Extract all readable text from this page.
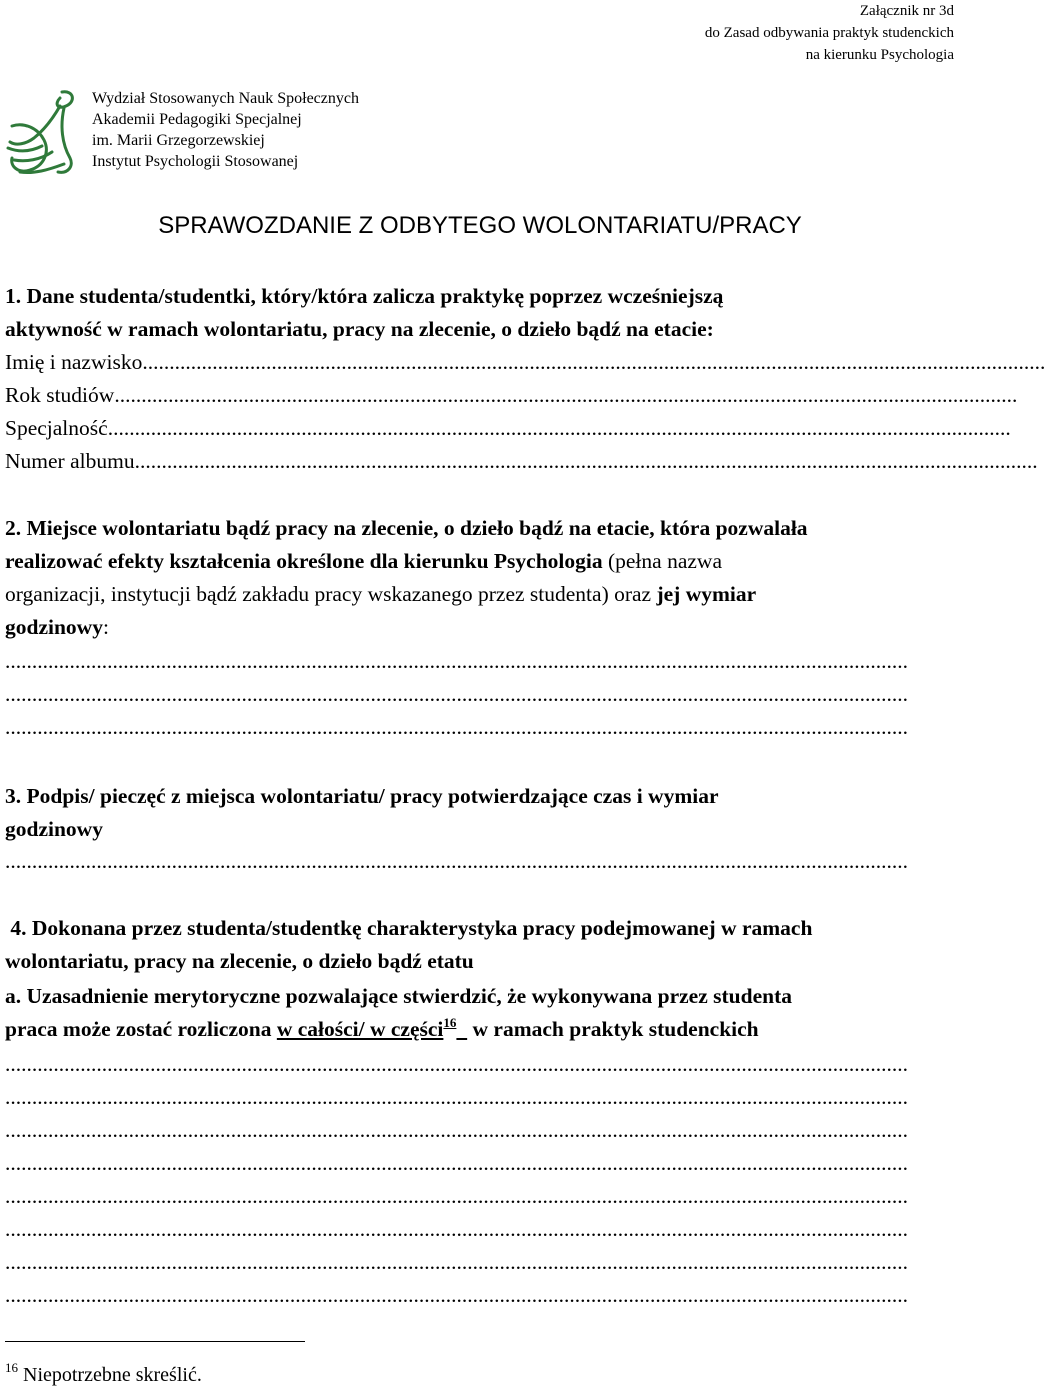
Załącznik nr 3d
do Zasad odbywania praktyk studenckich
na kierunku Psychologia
Wydział Stosowanych Nauk Społecznych
Akademii Pedagogiki Specjalnej
im. Marii Grzegorzewskiej
Instytut Psychologii Stosowanej
SPRAWOZDANIE Z ODBYTEGO WOLONTARIATU/PRACY
1. Dane studenta/studentki, który/która zalicza praktykę poprzez wcześniejszą
aktywność w ramach wolontariatu, pracy na zlecenie, o dzieło bądź na etacie:
Imię i nazwisko ........................................................................................................................................................................
Rok studiów ........................................................................................................................................................................
Specjalność ........................................................................................................................................................................
Numer albumu ........................................................................................................................................................................
2. Miejsce wolontariatu bądź pracy na zlecenie, o dzieło bądź na etacie, która pozwalała
realizować efekty kształcenia określone dla kierunku Psychologia (pełna nazwa
organizacji, instytucji bądź zakładu pracy wskazanego przez studenta) oraz jej wymiar
godzinowy:
........................................................................................................................................................................
........................................................................................................................................................................
........................................................................................................................................................................
3. Podpis/ pieczęć z miejsca wolontariatu/ pracy potwierdzające czas i wymiar
godzinowy
........................................................................................................................................................................
4. Dokonana przez studenta/studentkę charakterystyka pracy podejmowanej w ramach
wolontariatu, pracy na zlecenie, o dzieło bądź etatu
a. Uzasadnienie merytoryczne pozwalające stwierdzić, że wykonywana przez studenta
praca może zostać rozliczona w całości/ w części$^{16}$   w ramach praktyk studenckich
........................................................................................................................................................................
........................................................................................................................................................................
........................................................................................................................................................................
........................................................................................................................................................................
........................................................................................................................................................................
........................................................................................................................................................................
........................................................................................................................................................................
........................................................................................................................................................................
$^{16}$ Niepotrzebne skreślić.
